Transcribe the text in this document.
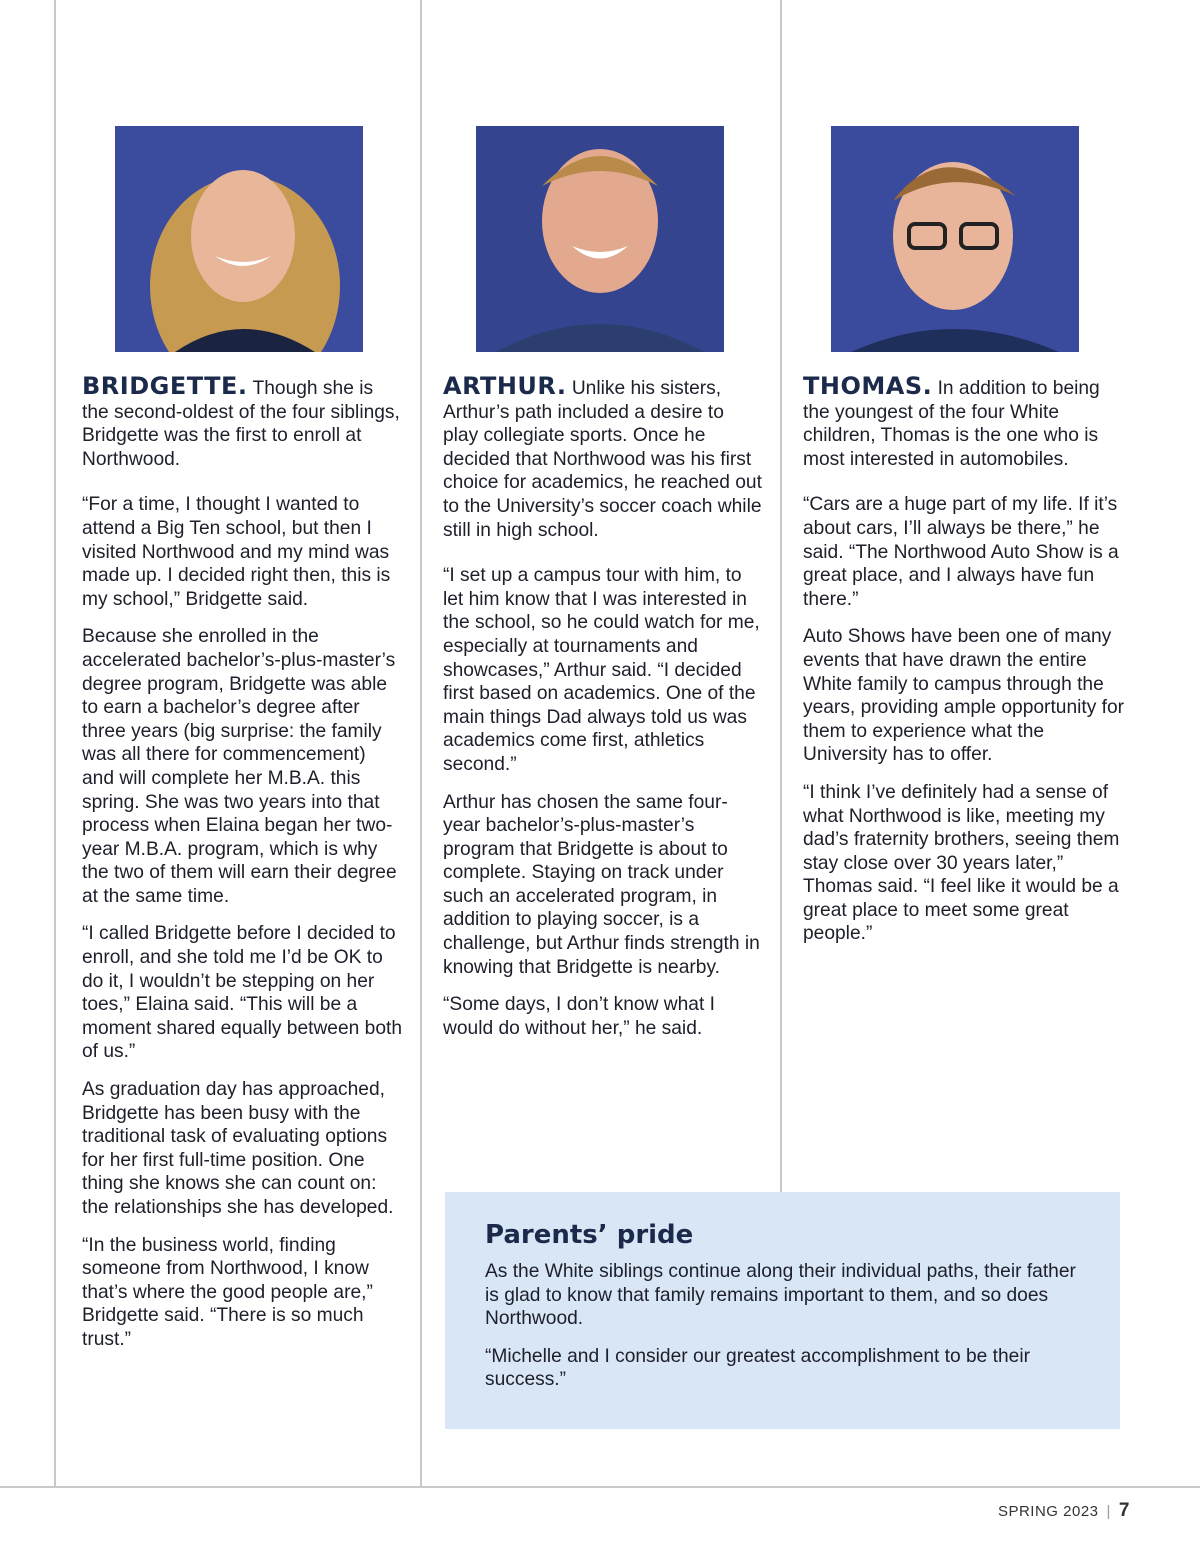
BRIDGETTE. Though she is the second-oldest of the four siblings, Bridgette was the first to enroll at Northwood.

“For a time, I thought I wanted to attend a Big Ten school, but then I visited Northwood and my mind was made up. I decided right then, this is my school,” Bridgette said.

Because she enrolled in the accelerated bachelor’s-plus-master’s degree program, Bridgette was able to earn a bachelor’s degree after three years (big surprise: the family was all there for commencement) and will complete her M.B.A. this spring. She was two years into that process when Elaina began her two-year M.B.A. program, which is why the two of them will earn their degree at the same time.

“I called Bridgette before I decided to enroll, and she told me I’d be OK to do it, I wouldn’t be stepping on her toes,” Elaina said. “This will be a moment shared equally between both of us.”

As graduation day has approached, Bridgette has been busy with the traditional task of evaluating options for her first full-time position. One thing she knows she can count on: the relationships she has developed.

“In the business world, finding someone from Northwood, I know that’s where the good people are,” Bridgette said. “There is so much trust.”

ARTHUR. Unlike his sisters, Arthur’s path included a desire to play collegiate sports. Once he decided that Northwood was his first choice for academics, he reached out to the University’s soccer coach while still in high school.

“I set up a campus tour with him, to let him know that I was interested in the school, so he could watch for me, especially at tournaments and showcases,” Arthur said. “I decided first based on academics. One of the main things Dad always told us was academics come first, athletics second.”

Arthur has chosen the same four-year bachelor’s-plus-master’s program that Bridgette is about to complete. Staying on track under such an accelerated program, in addition to playing soccer, is a challenge, but Arthur finds strength in knowing that Bridgette is nearby.

“Some days, I don’t know what I would do without her,” he said.

THOMAS. In addition to being the youngest of the four White children, Thomas is the one who is most interested in automobiles.

“Cars are a huge part of my life. If it’s about cars, I’ll always be there,” he said. “The Northwood Auto Show is a great place, and I always have fun there.”

Auto Shows have been one of many events that have drawn the entire White family to campus through the years, providing ample opportunity for them to experience what the University has to offer.

“I think I’ve definitely had a sense of what Northwood is like, meeting my dad’s fraternity brothers, seeing them stay close over 30 years later,” Thomas said. “I feel like it would be a great place to meet some great people.”

Parents’ pride

As the White siblings continue along their individual paths, their father is glad to know that family remains important to them, and so does Northwood.

“Michelle and I consider our greatest accomplishment to be their success.”

SPRING 2023 | 7
